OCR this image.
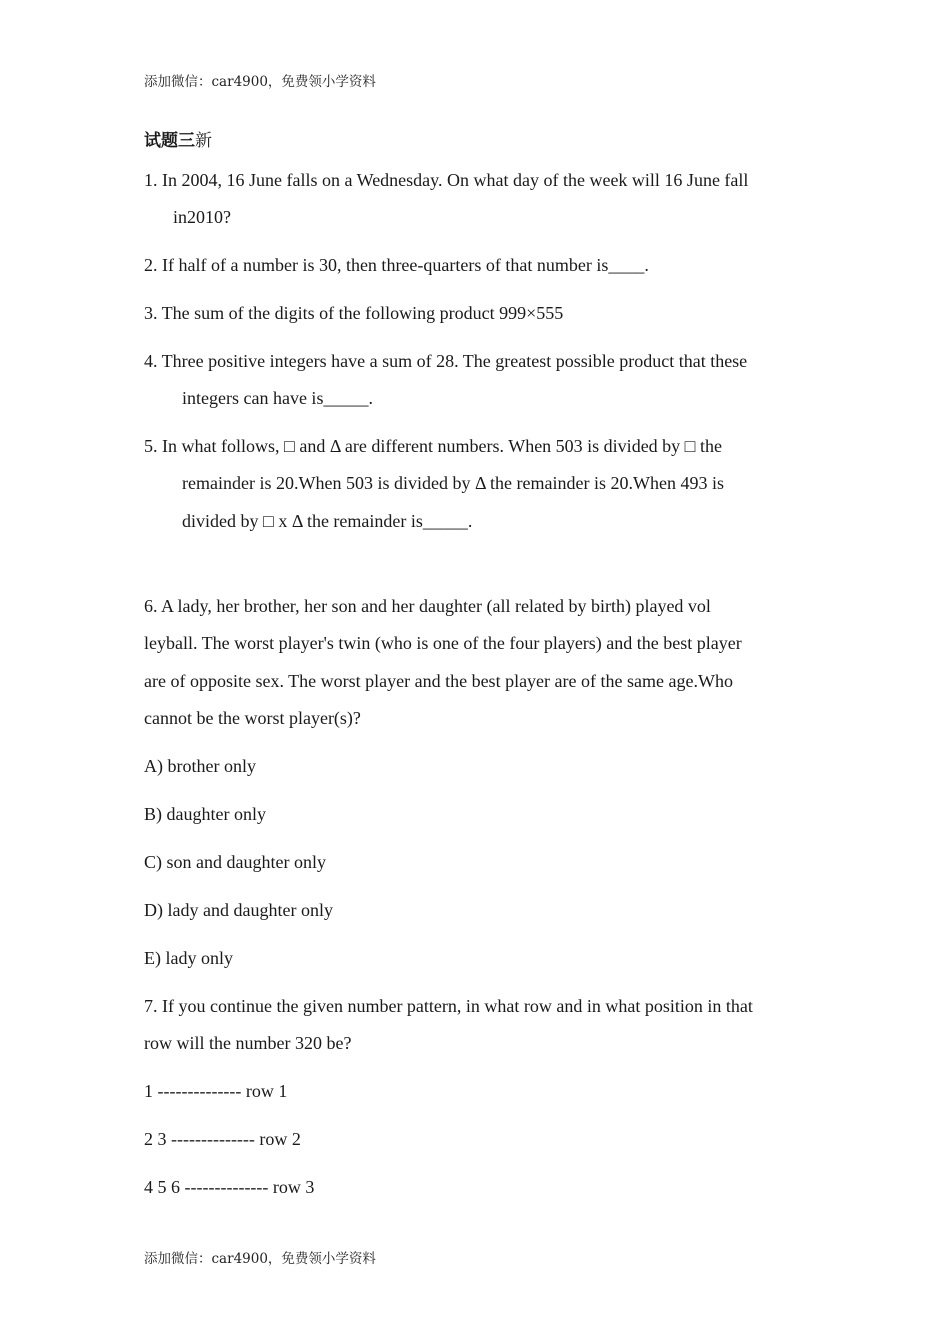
添加微信：car4900，免费领小学资料
试题三新
1. In 2004, 16 June falls on a Wednesday. On what day of the week will 16 June fall
in2010?
2. If half of a number is 30, then three-quarters of that number is____.
3. The sum of the digits of the following product 999×555
4. Three positive integers have a sum of 28. The greatest possible product that these
integers can have is_____.
5. In what follows, □ and Δ are different numbers. When 503 is divided by □ the
remainder is 20.When 503 is divided by Δ the remainder is 20.When 493 is
divided by □ x Δ the remainder is_____.
6. A lady, her brother, her son and her daughter (all related by birth) played vol
leyball. The worst player's twin (who is one of the four players) and the best player
are of opposite sex. The worst player and the best player are of the same age.Who
cannot be the worst player(s)?
A) brother only
B) daughter only
C) son and daughter only
D) lady and daughter only
E) lady only
7. If you continue the given number pattern, in what row and in what position in that
row will the number 320 be?
1 -------------- row 1
2 3 -------------- row 2
4 5 6 -------------- row 3
添加微信：car4900，免费领小学资料
